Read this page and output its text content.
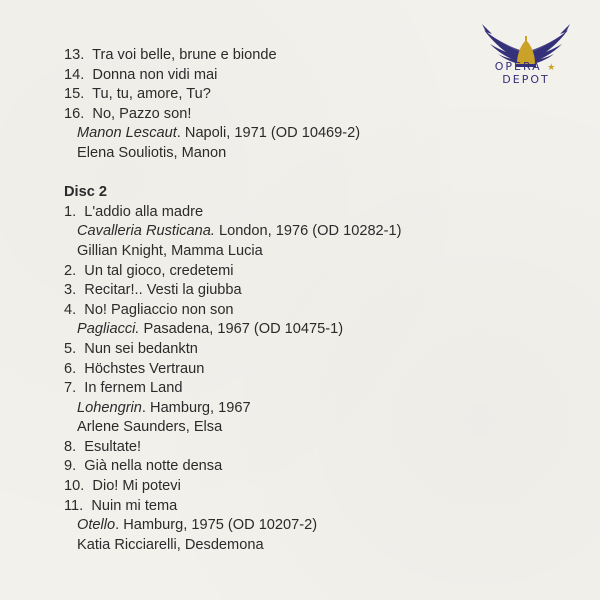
OPERA ★ DEPOT
13. Tra voi belle, brune e bionde
14. Donna non vidi mai
15. Tu, tu, amore, Tu?
16. No, Pazzo son!
Manon Lescaut. Napoli, 1971 (OD 10469-2)
Elena Souliotis, Manon
Disc 2
1. L'addio alla madre
Cavalleria Rusticana. London, 1976 (OD 10282-1)
Gillian Knight, Mamma Lucia
2. Un tal gioco, credetemi
3. Recitar!.. Vesti la giubba
4. No! Pagliaccio non son
Pagliacci. Pasadena, 1967 (OD 10475-1)
5. Nun sei bedanktn
6. Höchstes Vertraun
7. In fernem Land
Lohengrin. Hamburg, 1967
Arlene Saunders, Elsa
8. Esultate!
9. Già nella notte densa
10. Dio! Mi potevi
11. Nuin mi tema
Otello. Hamburg, 1975 (OD 10207-2)
Katia Ricciarelli, Desdemona
